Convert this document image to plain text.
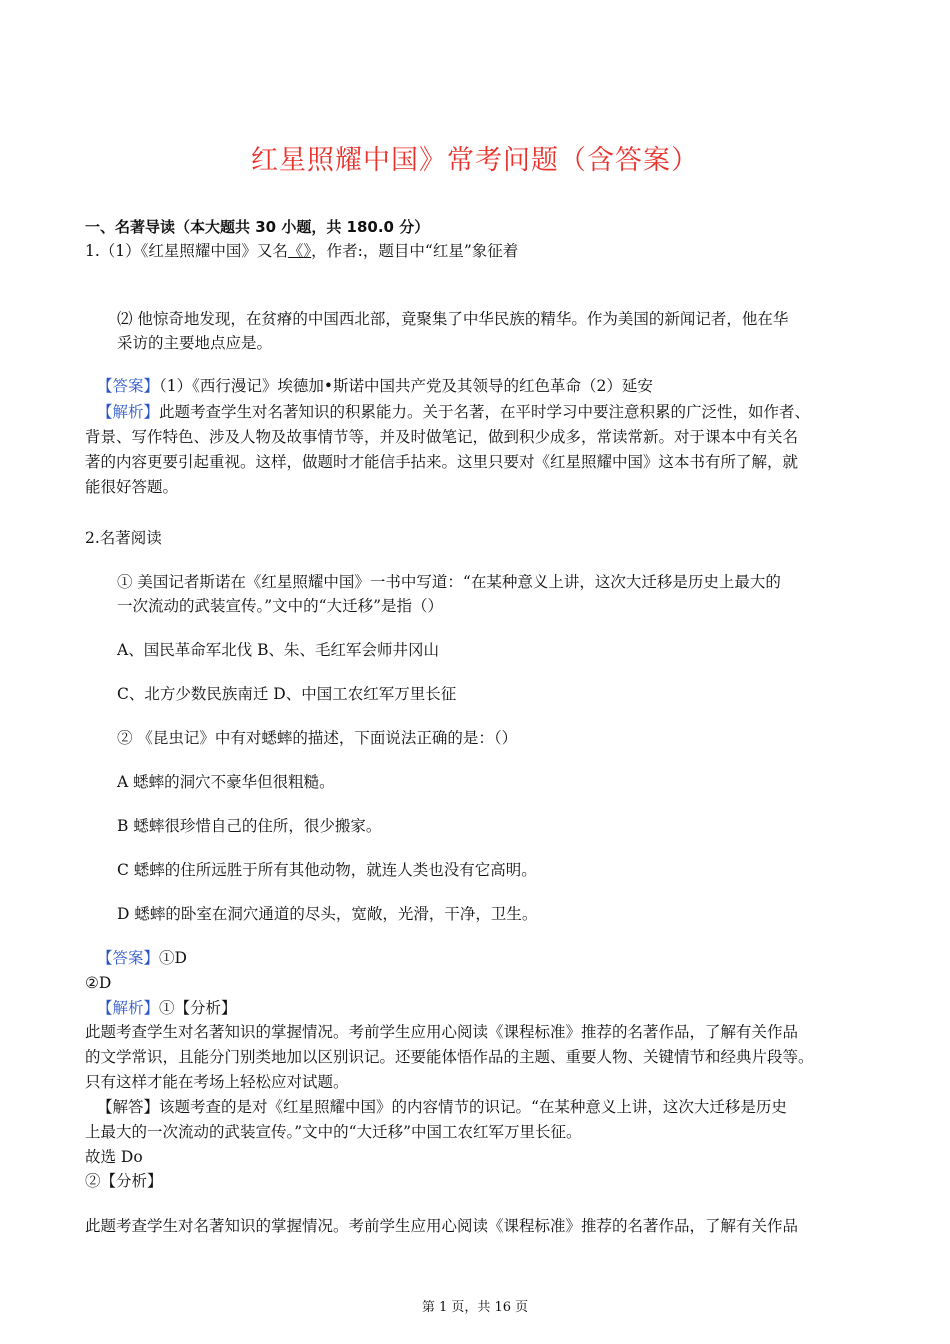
红星照耀中国》常考问题（含答案）
一、名著导读（本大题共 30 小题，共 180.0 分）
1.（1）《红星照耀中国》又名《》，作者:，题目中“红星”象征着
⑵ 他惊奇地发现，在贫瘠的中国西北部，竟聚集了中华民族的精华。作为美国的新闻记者，他在华
采访的主要地点应是。
【答案】（1）《西行漫记》埃德加•斯诺中国共产党及其领导的红色革命（2）延安
【解析】此题考查学生对名著知识的积累能力。关于名著，在平时学习中要注意积累的广泛性，如作者、
背景、写作特色、涉及人物及故事情节等，并及时做笔记，做到积少成多，常读常新。对于课本中有关名
著的内容更要引起重视。这样，做题时才能信手拈来。这里只要对《红星照耀中国》这本书有所了解，就
能很好答题。
2.名著阅读
① 美国记者斯诺在《红星照耀中国》一书中写道：“在某种意义上讲，这次大迁移是历史上最大的
一次流动的武装宣传。”文中的“大迁移”是指（）
A、国民革命军北伐 B、朱、毛红军会师井冈山
C、北方少数民族南迁 D、中国工农红军万里长征
② 《昆虫记》中有对蟋蟀的描述，下面说法正确的是：（）
A 蟋蟀的洞穴不豪华但很粗糙。
B 蟋蟀很珍惜自己的住所，很少搬家。
C 蟋蟀的住所远胜于所有其他动物，就连人类也没有它高明。
D 蟋蟀的卧室在洞穴通道的尽头，宽敞，光滑，干净，卫生。
【答案】①D
②D
【解析】①【分析】
此题考查学生对名著知识的掌握情况。考前学生应用心阅读《课程标准》推荐的名著作品，了解有关作品
的文学常识，且能分门别类地加以区别识记。还要能体悟作品的主题、重要人物、关键情节和经典片段等。
只有这样才能在考场上轻松应对试题。
【解答】该题考查的是对《红星照耀中国》的内容情节的识记。“在某种意义上讲，这次大迁移是历史
上最大的一次流动的武装宣传。”文中的“大迁移”中国工农红军万里长征。
故选 Do
②【分析】
此题考查学生对名著知识的掌握情况。考前学生应用心阅读《课程标准》推荐的名著作品，了解有关作品
第 1 页，共 16 页
